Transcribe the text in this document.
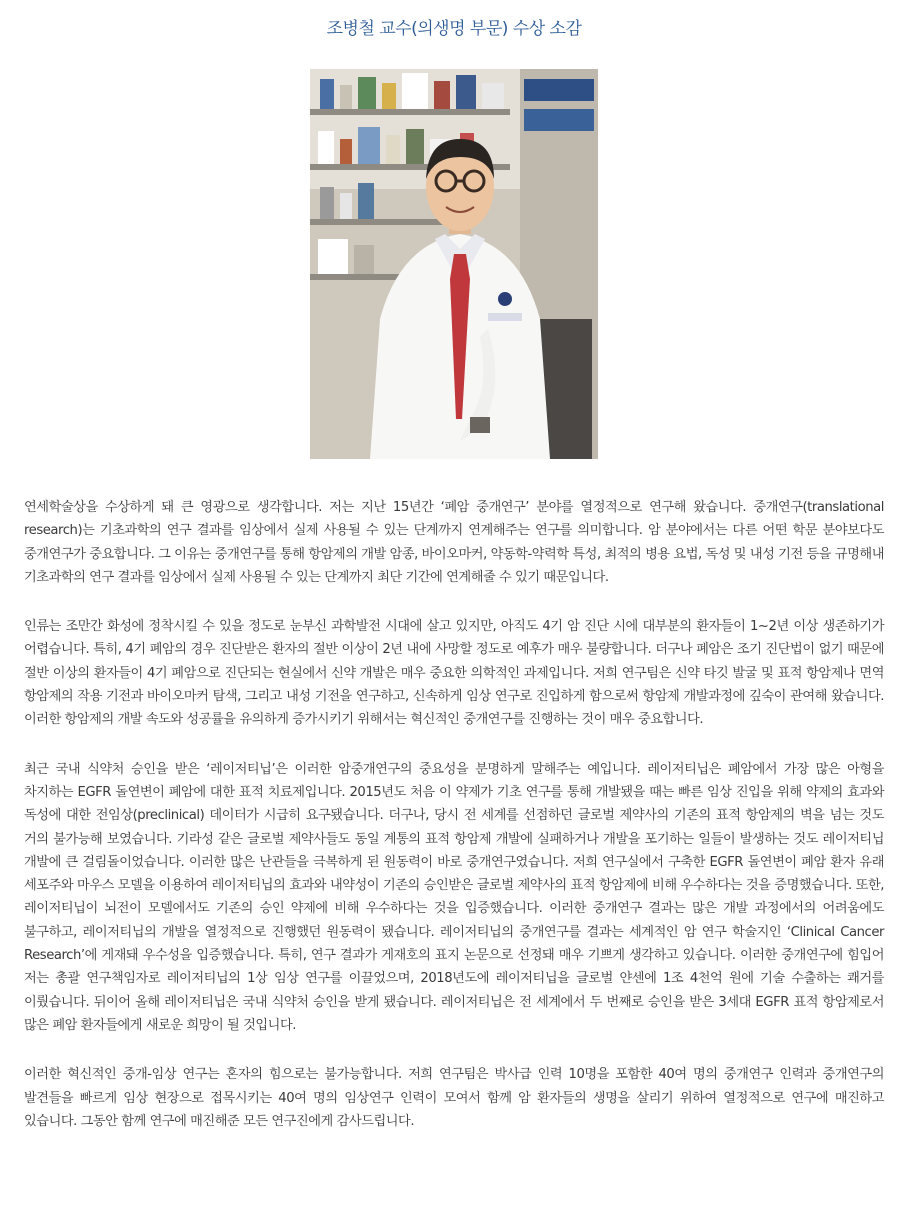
조병철 교수(의생명 부문) 수상 소감

연세학술상을 수상하게 돼 큰 영광으로 생각합니다. 저는 지난 15년간 ‘폐암 중개연구’ 분야를 열정적으로 연구해 왔습니다. 중개연구(translational research)는 기초과학의 연구 결과를 임상에서 실제 사용될 수 있는 단계까지 연계해주는 연구를 의미합니다. 암 분야에서는 다른 어떤 학문 분야보다도 중개연구가 중요합니다. 그 이유는 중개연구를 통해 항암제의 개발 암종, 바이오마커, 약동학-약력학 특성, 최적의 병용 요법, 독성 및 내성 기전 등을 규명해내 기초과학의 연구 결과를 임상에서 실제 사용될 수 있는 단계까지 최단 기간에 연계해줄 수 있기 때문입니다.

인류는 조만간 화성에 정착시킬 수 있을 정도로 눈부신 과학발전 시대에 살고 있지만, 아직도 4기 암 진단 시에 대부분의 환자들이 1~2년 이상 생존하기가 어렵습니다. 특히, 4기 폐암의 경우 진단받은 환자의 절반 이상이 2년 내에 사망할 정도로 예후가 매우 불량합니다. 더구나 폐암은 조기 진단법이 없기 때문에 절반 이상의 환자들이 4기 폐암으로 진단되는 현실에서 신약 개발은 매우 중요한 의학적인 과제입니다. 저희 연구팀은 신약 타깃 발굴 및 표적 항암제나 면역 항암제의 작용 기전과 바이오마커 탐색, 그리고 내성 기전을 연구하고, 신속하게 임상 연구로 진입하게 함으로써 항암제 개발과정에 깊숙이 관여해 왔습니다. 이러한 항암제의 개발 속도와 성공률을 유의하게 증가시키기 위해서는 혁신적인 중개연구를 진행하는 것이 매우 중요합니다.

최근 국내 식약처 승인을 받은 ‘레이저티닙’은 이러한 암중개연구의 중요성을 분명하게 말해주는 예입니다. 레이저티닙은 폐암에서 가장 많은 아형을 차지하는 EGFR 돌연변이 폐암에 대한 표적 치료제입니다. 2015년도 처음 이 약제가 기초 연구를 통해 개발됐을 때는 빠른 임상 진입을 위해 약제의 효과와 독성에 대한 전임상(preclinical) 데이터가 시급히 요구됐습니다. 더구나, 당시 전 세계를 선점하던 글로벌 제약사의 기존의 표적 항암제의 벽을 넘는 것도 거의 불가능해 보였습니다. 기라성 같은 글로벌 제약사들도 동일 계통의 표적 항암제 개발에 실패하거나 개발을 포기하는 일들이 발생하는 것도 레이저티닙 개발에 큰 걸림돌이었습니다. 이러한 많은 난관들을 극복하게 된 원동력이 바로 중개연구였습니다. 저희 연구실에서 구축한 EGFR 돌연변이 폐암 환자 유래 세포주와 마우스 모델을 이용하여 레이저티닙의 효과와 내약성이 기존의 승인받은 글로벌 제약사의 표적 항암제에 비해 우수하다는 것을 증명했습니다. 또한, 레이저티닙이 뇌전이 모델에서도 기존의 승인 약제에 비해 우수하다는 것을 입증했습니다. 이러한 중개연구 결과는 많은 개발 과정에서의 어려움에도 불구하고, 레이저티닙의 개발을 열정적으로 진행했던 원동력이 됐습니다. 레이저티닙의 중개연구를 결과는 세계적인 암 연구 학술지인 ‘Clinical Cancer Research’에 게재돼 우수성을 입증했습니다. 특히, 연구 결과가 게재호의 표지 논문으로 선정돼 매우 기쁘게 생각하고 있습니다. 이러한 중개연구에 힘입어 저는 총괄 연구책임자로 레이저티닙의 1상 임상 연구를 이끌었으며, 2018년도에 레이저티닙을 글로벌 얀센에 1조 4천억 원에 기술 수출하는 쾌거를 이뤘습니다. 뒤이어 올해 레이저티닙은 국내 식약처 승인을 받게 됐습니다. 레이저티닙은 전 세계에서 두 번째로 승인을 받은 3세대 EGFR 표적 항암제로서 많은 폐암 환자들에게 새로운 희망이 될 것입니다.

이러한 혁신적인 중개-임상 연구는 혼자의 힘으로는 불가능합니다. 저희 연구팀은 박사급 인력 10명을 포함한 40여 명의 중개연구 인력과 중개연구의 발견들을 빠르게 임상 현장으로 접목시키는 40여 명의 임상연구 인력이 모여서 함께 암 환자들의 생명을 살리기 위하여 열정적으로 연구에 매진하고 있습니다. 그동안 함께 연구에 매진해준 모든 연구진에게 감사드립니다.
